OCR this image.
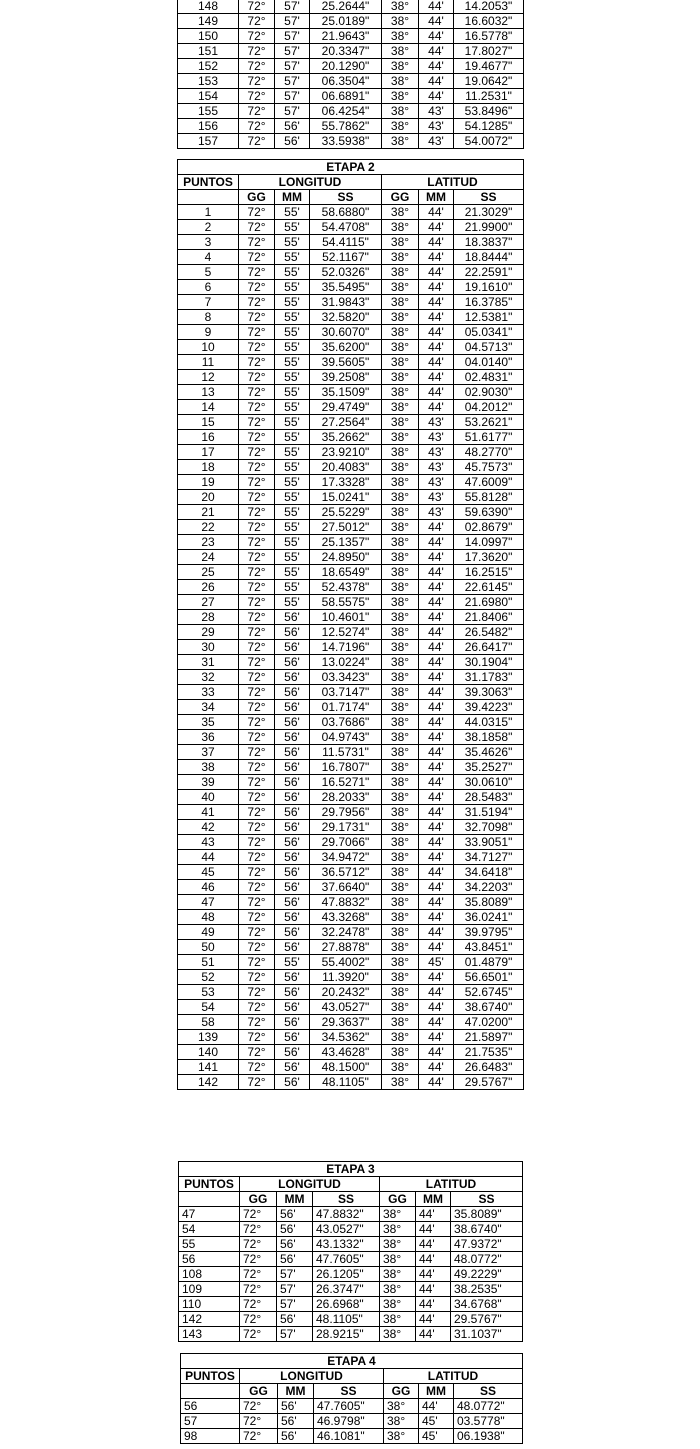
148	72°	57'	25.2644"	38°	44'	14.2053"
149	72°	57'	25.0189"	38°	44'	16.6032"
150	72°	57'	21.9643"	38°	44'	16.5778"
151	72°	57'	20.3347"	38°	44'	17.8027"
152	72°	57'	20.1290"	38°	44'	19.4677"
153	72°	57'	06.3504"	38°	44'	19.0642"
154	72°	57'	06.6891"	38°	44'	11.2531"
155	72°	57'	06.4254"	38°	43'	53.8496"
156	72°	56'	55.7862"	38°	43'	54.1285"
157	72°	56'	33.5938"	38°	43'	54.0072"
ETAPA 2						
PUNTOS	LONGITUD			LATITUD		
	GG	MM	SS	GG	MM	SS
1	72°	55'	58.6880"	38°	44'	21.3029"
2	72°	55'	54.4708"	38°	44'	21.9900"
3	72°	55'	54.4115"	38°	44'	18.3837"
4	72°	55'	52.1167"	38°	44'	18.8444"
5	72°	55'	52.0326"	38°	44'	22.2591"
6	72°	55'	35.5495"	38°	44'	19.1610"
7	72°	55'	31.9843"	38°	44'	16.3785"
8	72°	55'	32.5820"	38°	44'	12.5381"
9	72°	55'	30.6070"	38°	44'	05.0341"
10	72°	55'	35.6200"	38°	44'	04.5713"
11	72°	55'	39.5605"	38°	44'	04.0140"
12	72°	55'	39.2508"	38°	44'	02.4831"
13	72°	55'	35.1509"	38°	44'	02.9030"
14	72°	55'	29.4749"	38°	44'	04.2012"
15	72°	55'	27.2564"	38°	43'	53.2621"
16	72°	55'	35.2662"	38°	43'	51.6177"
17	72°	55'	23.9210"	38°	43'	48.2770"
18	72°	55'	20.4083"	38°	43'	45.7573"
19	72°	55'	17.3328"	38°	43'	47.6009"
20	72°	55'	15.0241"	38°	43'	55.8128"
21	72°	55'	25.5229"	38°	43'	59.6390"
22	72°	55'	27.5012"	38°	44'	02.8679"
23	72°	55'	25.1357"	38°	44'	14.0997"
24	72°	55'	24.8950"	38°	44'	17.3620"
25	72°	55'	18.6549"	38°	44'	16.2515"
26	72°	55'	52.4378"	38°	44'	22.6145"
27	72°	55'	58.5575"	38°	44'	21.6980"
28	72°	56'	10.4601"	38°	44'	21.8406"
29	72°	56'	12.5274"	38°	44'	26.5482"
30	72°	56'	14.7196"	38°	44'	26.6417"
31	72°	56'	13.0224"	38°	44'	30.1904"
32	72°	56'	03.3423"	38°	44'	31.1783"
33	72°	56'	03.7147"	38°	44'	39.3063"
34	72°	56'	01.7174"	38°	44'	39.4223"
35	72°	56'	03.7686"	38°	44'	44.0315"
36	72°	56'	04.9743"	38°	44'	38.1858"
37	72°	56'	11.5731"	38°	44'	35.4626"
38	72°	56'	16.7807"	38°	44'	35.2527"
39	72°	56'	16.5271"	38°	44'	30.0610"
40	72°	56'	28.2033"	38°	44'	28.5483"
41	72°	56'	29.7956"	38°	44'	31.5194"
42	72°	56'	29.1731"	38°	44'	32.7098"
43	72°	56'	29.7066"	38°	44'	33.9051"
44	72°	56'	34.9472"	38°	44'	34.7127"
45	72°	56'	36.5712"	38°	44'	34.6418"
46	72°	56'	37.6640"	38°	44'	34.2203"
47	72°	56'	47.8832"	38°	44'	35.8089"
48	72°	56'	43.3268"	38°	44'	36.0241"
49	72°	56'	32.2478"	38°	44'	39.9795"
50	72°	56'	27.8878"	38°	44'	43.8451"
51	72°	55'	55.4002"	38°	45'	01.4879"
52	72°	56'	11.3920"	38°	44'	56.6501"
53	72°	56'	20.2432"	38°	44'	52.6745"
54	72°	56'	43.0527"	38°	44'	38.6740"
58	72°	56'	29.3637"	38°	44'	47.0200"
139	72°	56'	34.5362"	38°	44'	21.5897"
140	72°	56'	43.4628"	38°	44'	21.7535"
141	72°	56'	48.1500"	38°	44'	26.6483"
142	72°	56'	48.1105"	38°	44'	29.5767"
ETAPA 3						
PUNTOS	LONGITUD			LATITUD		
	GG	MM	SS	GG	MM	SS
47	72°	56'	47.8832"	38°	44'	35.8089"
54	72°	56'	43.0527"	38°	44'	38.6740"
55	72°	56'	43.1332"	38°	44'	47.9372"
56	72°	56'	47.7605"	38°	44'	48.0772"
108	72°	57'	26.1205"	38°	44'	49.2229"
109	72°	57'	26.3747"	38°	44'	38.2535"
110	72°	57'	26.6968"	38°	44'	34.6768"
142	72°	56'	48.1105"	38°	44'	29.5767"
143	72°	57'	28.9215"	38°	44'	31.1037"
ETAPA 4						
PUNTOS	LONGITUD			LATITUD		
	GG	MM	SS	GG	MM	SS
56	72°	56'	47.7605"	38°	44'	48.0772"
57	72°	56'	46.9798"	38°	45'	03.5778"
98	72°	56'	46.1081"	38°	45'	06.1938"
